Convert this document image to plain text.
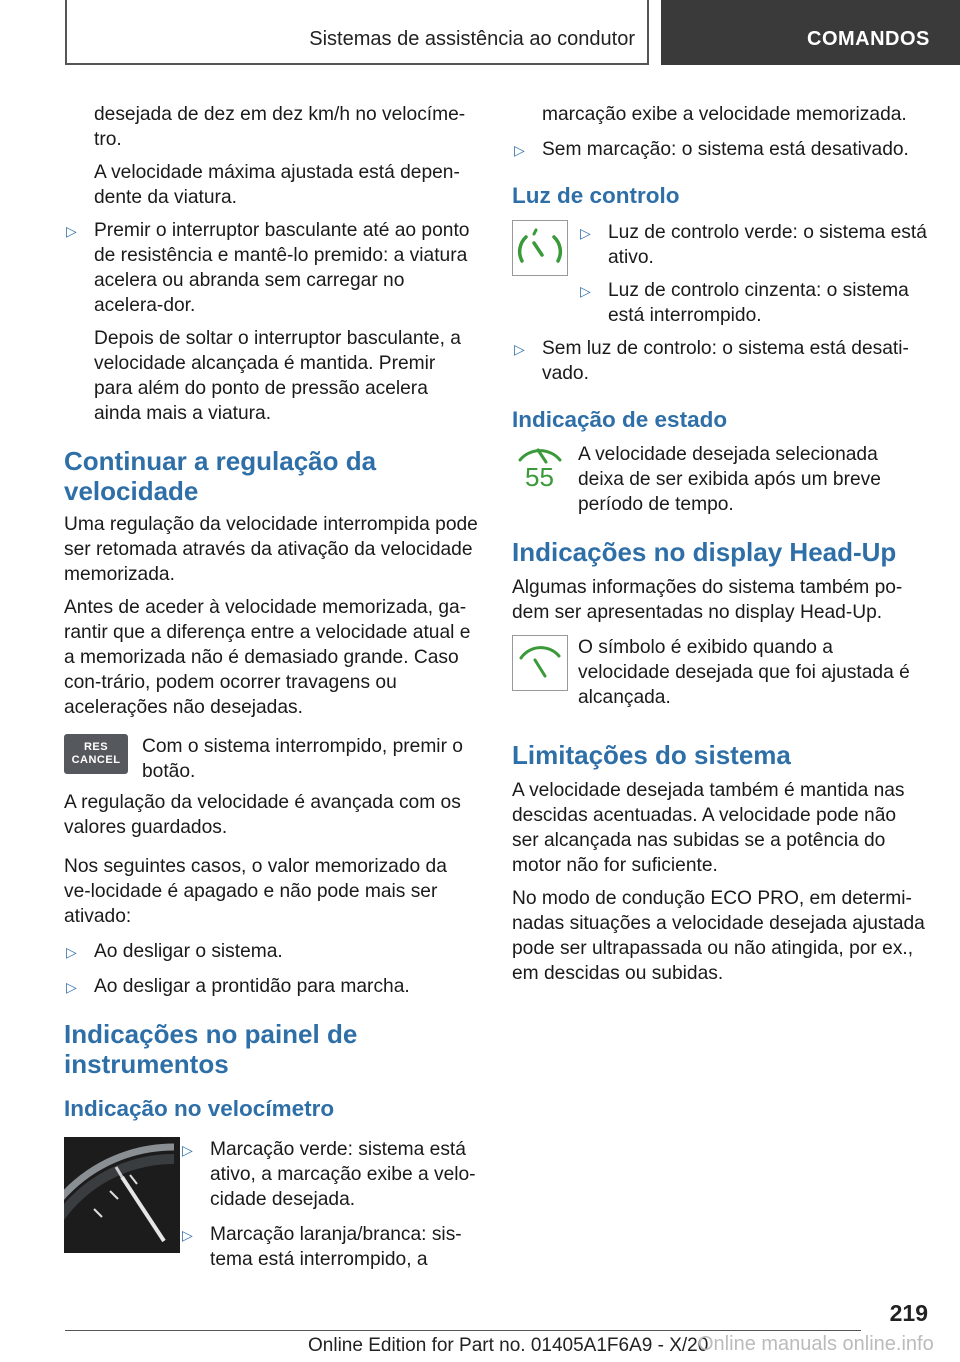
Sistemas de assistência ao condutor	COMANDOS

desejada de dez em dez km/h no velocíme-tro.

A velocidade máxima ajustada está depen-dente da viatura.

▷ Premir o interruptor basculante até ao ponto de resistência e mantê-lo premido: a viatura acelera ou abranda sem carregar no acelera-dor.

Depois de soltar o interruptor basculante, a velocidade alcançada é mantida. Premir para além do ponto de pressão acelera ainda mais a viatura.

Continuar a regulação da velocidade

Uma regulação da velocidade interrompida pode ser retomada através da ativação da velocidade memorizada.

Antes de aceder à velocidade memorizada, ga-rantir que a diferença entre a velocidade atual e a memorizada não é demasiado grande. Caso con-trário, podem ocorrer travagens ou acelerações não desejadas.

RES
CANCEL

Com o sistema interrompido, premir o botão.

A regulação da velocidade é avançada com os valores guardados.

Nos seguintes casos, o valor memorizado da ve-locidade é apagado e não pode mais ser ativado:

▷ Ao desligar o sistema.
▷ Ao desligar a prontidão para marcha.
Indicações no painel de instrumentos
Indicação no velocímetro
▷ Marcação verde: sistema está ativo, a marcação exibe a velo-cidade desejada.
▷ Marcação laranja/branca: sis-tema está interrompido, a

marcação exibe a velocidade memorizada.

▷ Sem marcação: o sistema está desativado.
Luz de controlo
▷ Luz de controlo verde: o sistema está ativo.
▷ Luz de controlo cinzenta: o sistema está interrompido.
▷ Sem luz de controlo: o sistema está desati-vado.
Indicação de estado
55

A velocidade desejada selecionada deixa de ser exibida após um breve período de tempo.

Indicações no display Head-Up

Algumas informações do sistema também po-dem ser apresentadas no display Head-Up.

O símbolo é exibido quando a velocidade desejada que foi ajustada é alcançada.

Limitações do sistema

A velocidade desejada também é mantida nas descidas acentuadas. A velocidade pode não ser alcançada nas subidas se a potência do motor não for suficiente.

No modo de condução ECO PRO, em determi-nadas situações a velocidade desejada ajustada pode ser ultrapassada ou não atingida, por ex., em descidas ou subidas.

219
Online Edition for Part no. 01405A1F6A9 - X/20
Online manuals online.info
